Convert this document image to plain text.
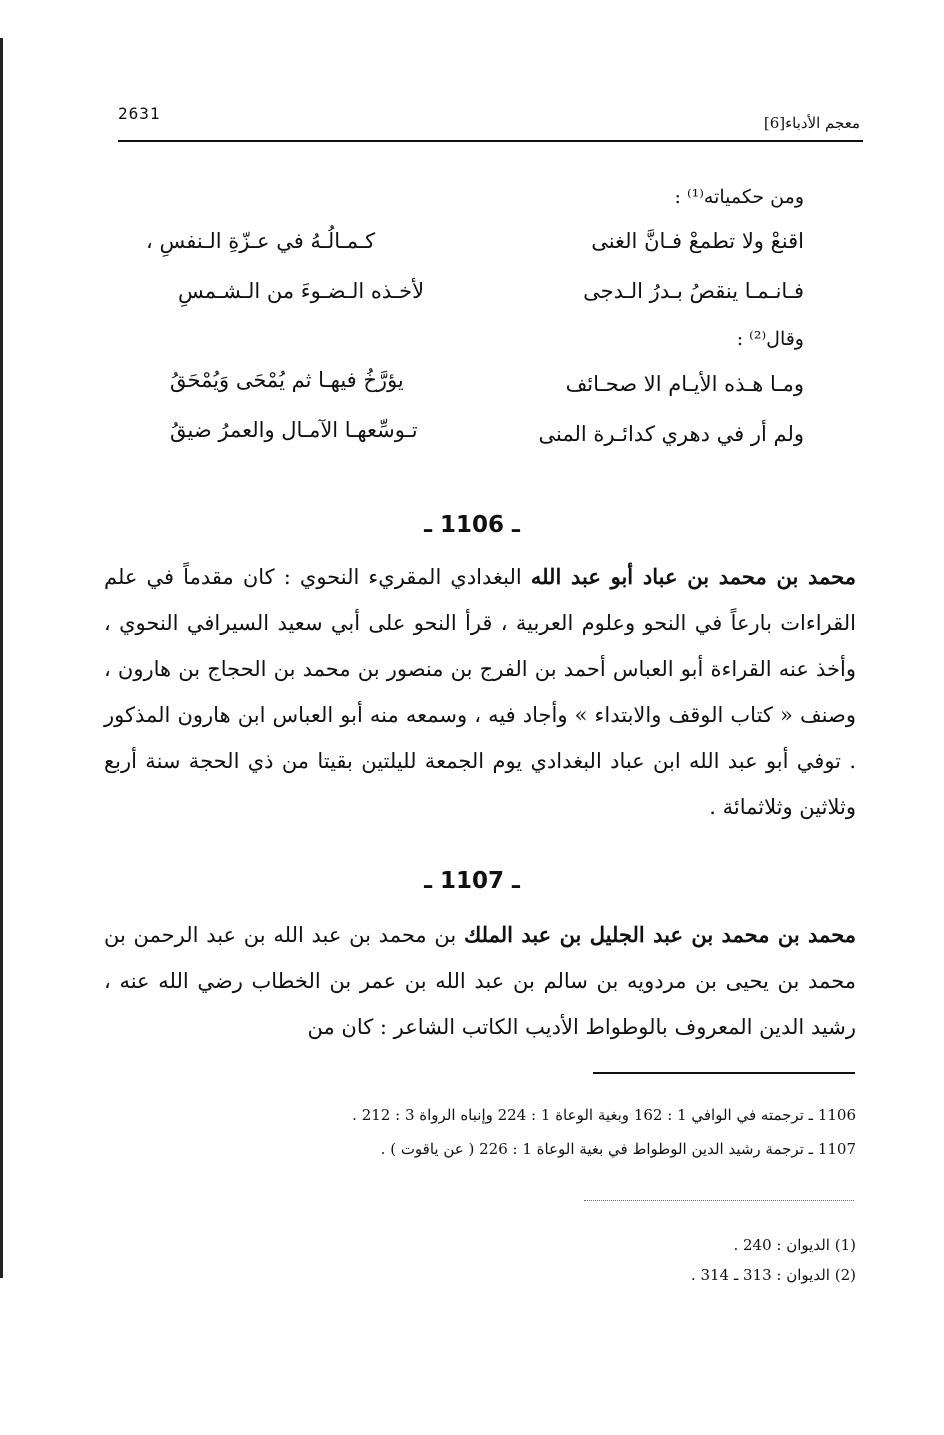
2631	معجم الأدباء[6]
ومن حكمياته⁽¹⁾ :
اقنعْ ولا تطمعْ فـانَّ الغنى
كـمـالُـهُ في عـزّةِ الـنفسِ ،
فـانـمـا ينقصُ بـدرُ الـدجى
لأخـذه الـضـوءَ من الـشـمسِ
وقال⁽²⁾ :
ومـا هـذه الأيـام الا صحـائف
يؤرَّخُ فيهـا ثم يُمْحَى وَيُمْحَقُ
ولم أر في دهري كدائـرة المنى
تـوسِّعهـا الآمـال والعمرُ ضيقُ
ـ 1106 ـ
محمد بن محمد بن عباد أبو عبد الله البغدادي المقريء النحوي : كان مقدماً في علم القراءات بارعاً في النحو وعلوم العربية ، قرأ النحو على أبي سعيد السيرافي النحوي ، وأخذ عنه القراءة أبو العباس أحمد بن الفرج بن منصور بن محمد بن الحجاج بن هارون ، وصنف « كتاب الوقف والابتداء » وأجاد فيه ، وسمعه منه أبو العباس ابن هارون المذكور . توفي أبو عبد الله ابن عباد البغدادي يوم الجمعة لليلتين بقيتا من ذي الحجة سنة أربع وثلاثين وثلاثمائة .
ـ 1107 ـ
محمد بن محمد بن عبد الجليل بن عبد الملك بن محمد بن عبد الله بن عبد الرحمن بن محمد بن يحيى بن مردويه بن سالم بن عبد الله بن عمر بن الخطاب رضي الله عنه ، رشيد الدين المعروف بالوطواط الأديب الكاتب الشاعر : كان من
1106 ـ ترجمته في الوافي 1 : 162 وبغية الوعاة 1 : 224 وإنباه الرواة 3 : 212 .
1107 ـ ترجمة رشيد الدين الوطواط في بغية الوعاة 1 : 226 ( عن ياقوت ) .
(1) الديوان : 240 .
(2) الديوان : 313 ـ 314 .
